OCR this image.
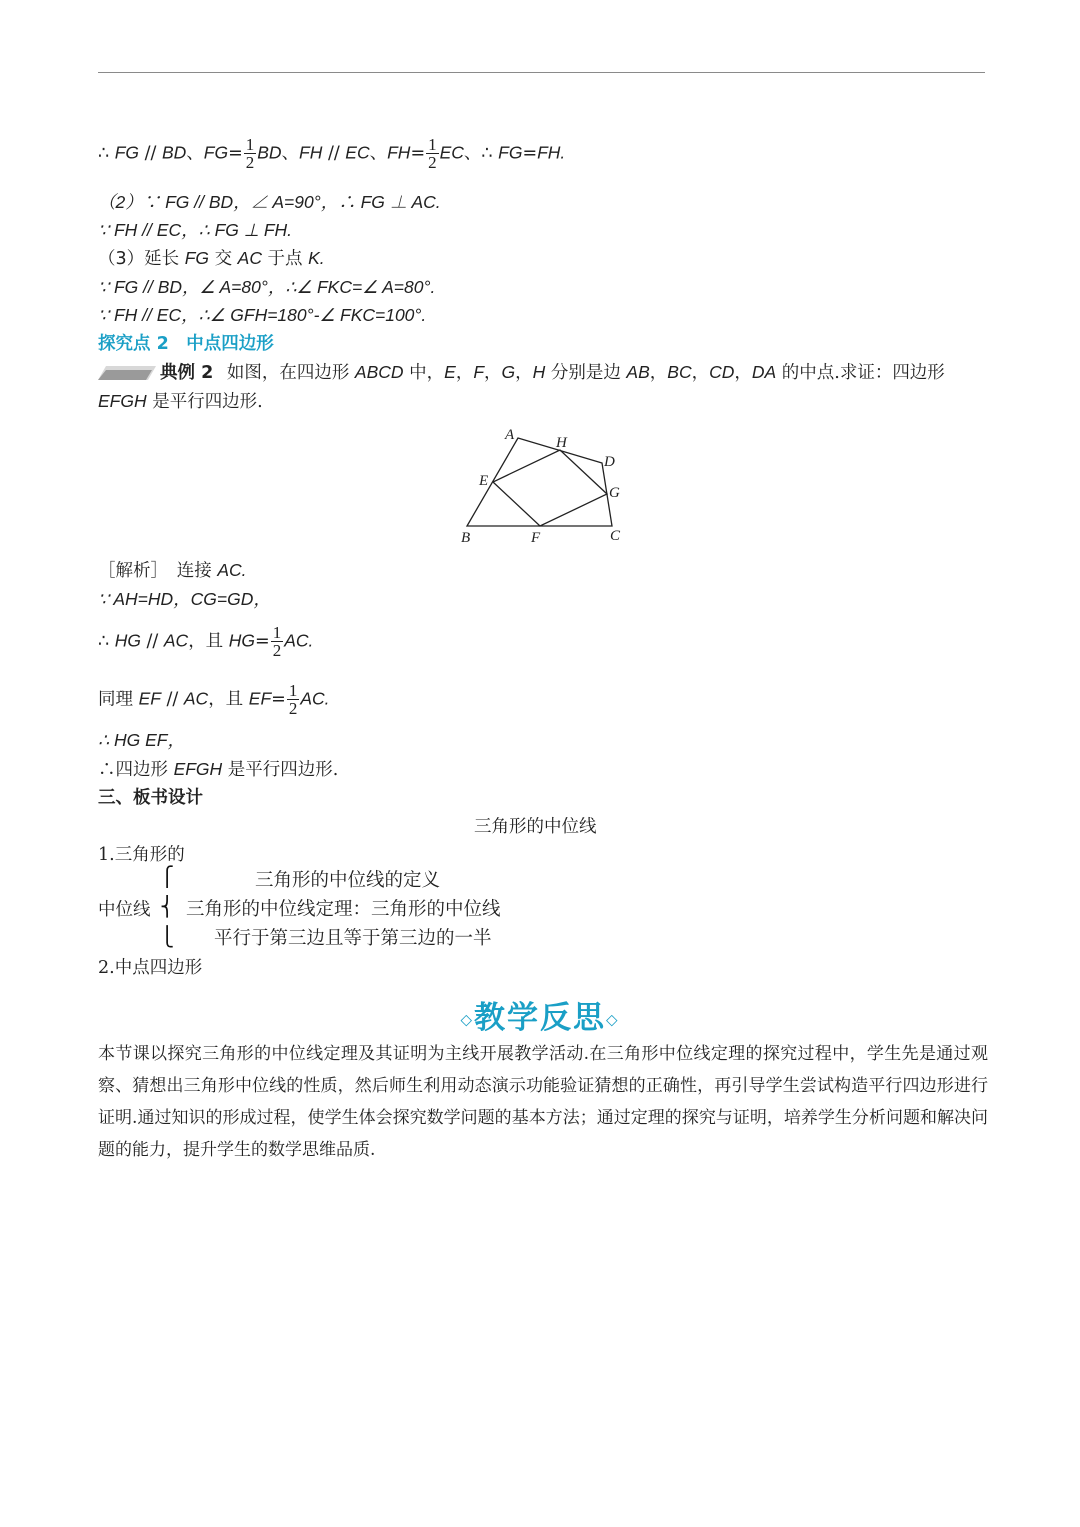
∴ FG // BD、$FG= \frac{1}{2}$ BD、FH // EC、$FH= \frac{1}{2}$ EC、∴ FG=FH.
（2）∵ FG // BD，∠ A=90°，∴ FG ⊥ AC.
∵ FH // EC，∴ FG ⊥ FH.
（3）延长 FG 交 AC 于点 K.
∵ FG // BD，∠ A=80°，∴∠ FKC=∠ A=80°.
∵ FH // EC，∴∠ GFH=180°-∠ FKC=100°.
探究点 2　中点四边形
典例 2 如图，在四边形 ABCD 中，E，F，G，H 分别是边 AB，BC，CD，DA 的中点.求证：四边形
EFGH 是平行四边形.
A	H
D
E
G
B	F	C
［解析］　连接 AC.
∵ AH=HD，CG=GD，
∴ HG // AC，且 $HG= \frac{1}{2}$ AC.
同理 EF // AC，且 $EF= \frac{1}{2}$ AC.
∴ HG EF，
∴四边形 EFGH 是平行四边形.
三、板书设计
三角形的中位线
1.三角形的
中位线
⎧
⎨
⎩
三角形的中位线的定义
三角形的中位线定理：三角形的中位线
平行于第三边且等于第三边的一半
2.中点四边形
◇教学反思◇
本节课以探究三角形的中位线定理及其证明为主线开展教学活动.在三角形中位线定理的探究过程中，学生先是通过观察、猜想出三角形中位线的性质，然后师生利用动态演示功能验证猜想的正确性，再引导学生尝试构造平行四边形进行证明.通过知识的形成过程，使学生体会探究数学问题的基本方法；通过定理的探究与证明，培养学生分析问题和解决问题的能力，提升学生的数学思维品质.
